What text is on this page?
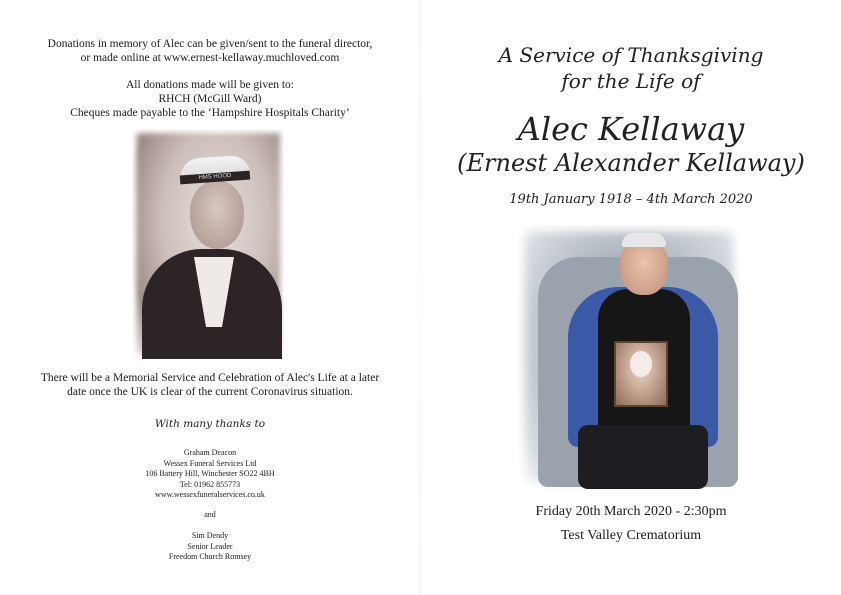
Donations in memory of Alec can be given/sent to the funeral director,
or made online at www.ernest-kellaway.muchloved.com
All donations made will be given to:
RHCH (McGill Ward)
Cheques made payable to the ‘Hampshire Hospitals Charity’
HMS HOOD
There will be a Memorial Service and Celebration of Alec's Life at a later
date once the UK is clear of the current Coronavirus situation.
With many thanks to
Graham Deacon
Wessex Funeral Services Ltd
106 Battery Hill, Winchester SO22 4BH
Tel: 01962 855773
www.wessexfuneralservices.co.uk
and
Sim Dendy
Senior Leader
Freedom Church Romsey
A Service of Thanksgiving
for the Life of
Alec Kellaway
(Ernest Alexander Kellaway)
19th January 1918 – 4th March 2020
Friday 20th March 2020 - 2:30pm
Test Valley Crematorium
